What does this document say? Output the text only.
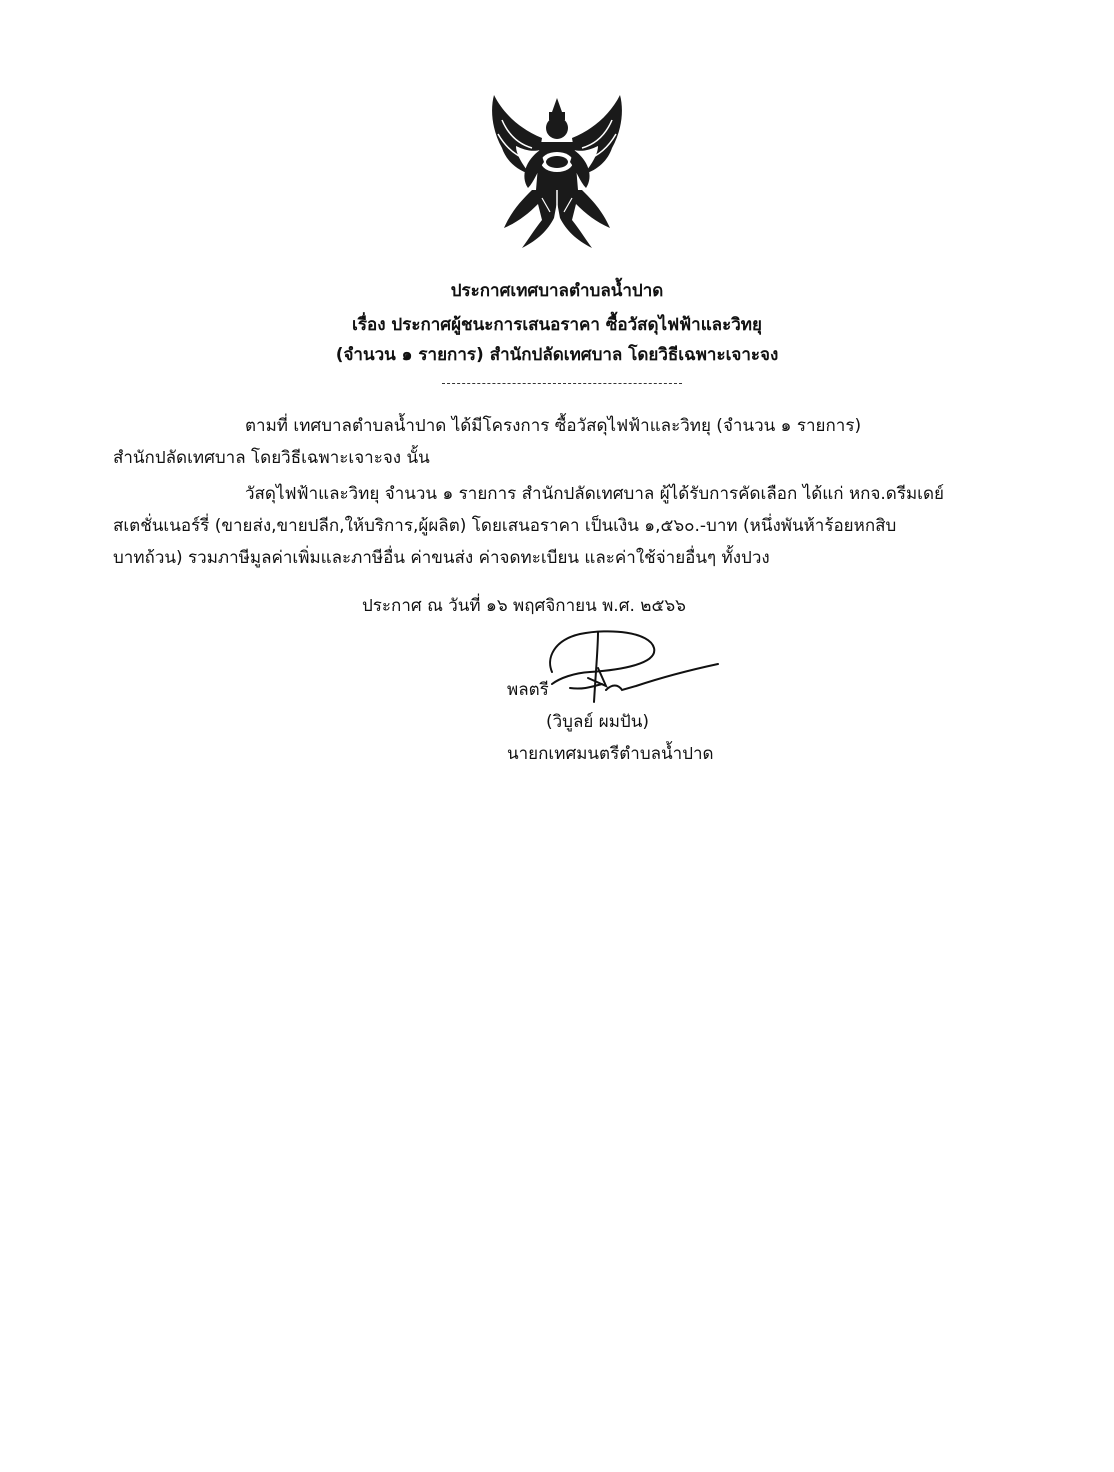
ประกาศเทศบาลตำบลน้ำปาด
เรื่อง ประกาศผู้ชนะการเสนอราคา ซื้อวัสดุไฟฟ้าและวิทยุ
(จำนวน ๑ รายการ) สำนักปลัดเทศบาล โดยวิธีเฉพาะเจาะจง
ตามที่ เทศบาลตำบลน้ำปาด ได้มีโครงการ ซื้อวัสดุไฟฟ้าและวิทยุ (จำนวน ๑ รายการ)
สำนักปลัดเทศบาล โดยวิธีเฉพาะเจาะจง นั้น
วัสดุไฟฟ้าและวิทยุ จำนวน ๑ รายการ สำนักปลัดเทศบาล ผู้ได้รับการคัดเลือก ได้แก่ หกจ.ดรีมเดย์
สเตชั่นเนอร์รี่ (ขายส่ง,ขายปลีก,ให้บริการ,ผู้ผลิต) โดยเสนอราคา เป็นเงิน ๑,๕๖๐.-บาท (หนึ่งพันห้าร้อยหกสิบ
บาทถ้วน) รวมภาษีมูลค่าเพิ่มและภาษีอื่น ค่าขนส่ง ค่าจดทะเบียน และค่าใช้จ่ายอื่นๆ ทั้งปวง
ประกาศ ณ วันที่ ๑๖ พฤศจิกายน พ.ศ. ๒๕๖๖
พลตรี
(วิบูลย์ ผมปัน)
นายกเทศมนตรีตำบลน้ำปาด
